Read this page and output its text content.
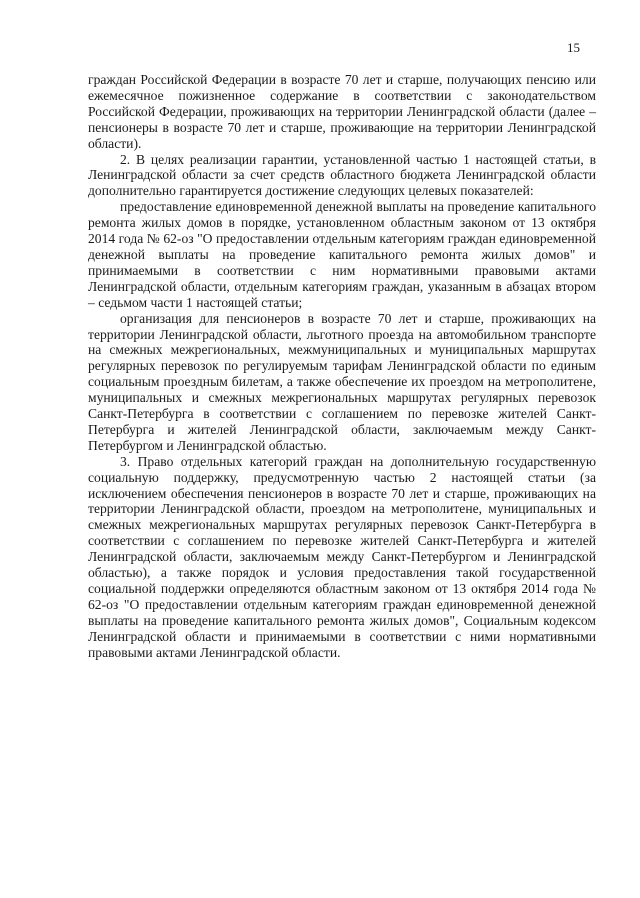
15

граждан Российской Федерации в возрасте 70 лет и старше, получающих пенсию или ежемесячное пожизненное содержание в соответствии с законодательством Российской Федерации, проживающих на территории Ленинградской области (далее – пенсионеры в возрасте 70 лет и старше, проживающие на территории Ленинградской области).

2. В целях реализации гарантии, установленной частью 1 настоящей статьи, в Ленинградской области за счет средств областного бюджета Ленинградской области дополнительно гарантируется достижение следующих целевых показателей:

предоставление единовременной денежной выплаты на проведение капитального ремонта жилых домов в порядке, установленном областным законом от 13 октября 2014 года № 62-оз "О предоставлении отдельным категориям граждан единовременной денежной выплаты на проведение капитального ремонта жилых домов" и принимаемыми в соответствии с ним нормативными правовыми актами Ленинградской области, отдельным категориям граждан, указанным в абзацах втором – седьмом части 1 настоящей статьи;

организация для пенсионеров в возрасте 70 лет и старше, проживающих на территории Ленинградской области, льготного проезда на автомобильном транспорте на смежных межрегиональных, межмуниципальных и муниципальных маршрутах регулярных перевозок по регулируемым тарифам Ленинградской области по единым социальным проездным билетам, а также обеспечение их проездом на метрополитене, муниципальных и смежных межрегиональных маршрутах регулярных перевозок Санкт-Петербурга в соответствии с соглашением по перевозке жителей Санкт-Петербурга и жителей Ленинградской области, заключаемым между Санкт-Петербургом и Ленинградской областью.

3. Право отдельных категорий граждан на дополнительную государственную социальную поддержку, предусмотренную частью 2 настоящей статьи (за исключением обеспечения пенсионеров в возрасте 70 лет и старше, проживающих на территории Ленинградской области, проездом на метрополитене, муниципальных и смежных межрегиональных маршрутах регулярных перевозок Санкт-Петербурга в соответствии с соглашением по перевозке жителей Санкт-Петербурга и жителей Ленинградской области, заключаемым между Санкт-Петербургом и Ленинградской областью), а также порядок и условия предоставления такой государственной социальной поддержки определяются областным законом от 13 октября 2014 года № 62-оз "О предоставлении отдельным категориям граждан единовременной денежной выплаты на проведение капитального ремонта жилых домов", Социальным кодексом Ленинградской области и принимаемыми в соответствии с ними нормативными правовыми актами Ленинградской области.
